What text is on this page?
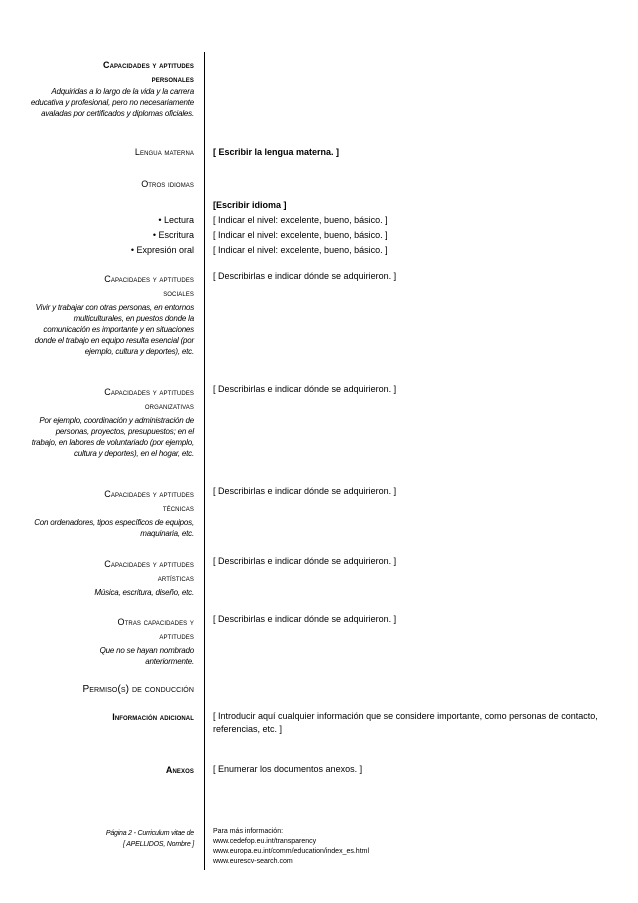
Capacidades y aptitudes
personales
Adquiridas a lo largo de la vida y la carrera educativa y profesional, pero no necesariamente avaladas por certificados y diplomas oficiales.
Lengua materna [ Escribir la lengua materna. ]
Otros idiomas
[Escribir idioma ]
• Lectura
• Escritura
• Expresión oral
[ Indicar el nivel: excelente, bueno, básico. ]
[ Indicar el nivel: excelente, bueno, básico. ]
[ Indicar el nivel: excelente, bueno, básico. ]
Capacidades y aptitudes
sociales
Vivir y trabajar con otras personas, en entornos multiculturales, en puestos donde la comunicación es importante y en situaciones donde el trabajo en equipo resulta esencial (por ejemplo, cultura y deportes), etc.
[ Describirlas e indicar dónde se adquirieron. ]
Capacidades y aptitudes
organizativas
Por ejemplo, coordinación y administración de personas, proyectos, presupuestos; en el trabajo, en labores de voluntariado (por ejemplo, cultura y deportes), en el hogar, etc.
[ Describirlas e indicar dónde se adquirieron. ]
Capacidades y aptitudes
técnicas
Con ordenadores, tipos específicos de equipos, maquinaria, etc.
[ Describirlas e indicar dónde se adquirieron. ]
Capacidades y aptitudes
artísticas
Música, escritura, diseño, etc.
[ Describirlas e indicar dónde se adquirieron. ]
Otras capacidades y
aptitudes
Que no se hayan nombrado anteriormente.
[ Describirlas e indicar dónde se adquirieron. ]
Permiso(s) de conducción
Información adicional [ Introducir aquí cualquier información que se considere importante, como personas de contacto, referencias, etc. ]
Anexos [ Enumerar los documentos anexos. ]
Página 2 - Curriculum vitae de
[ APELLIDOS, Nombre ]
Para más información:
www.cedefop.eu.int/transparency
www.europa.eu.int/comm/education/index_es.html
www.eurescv-search.com
